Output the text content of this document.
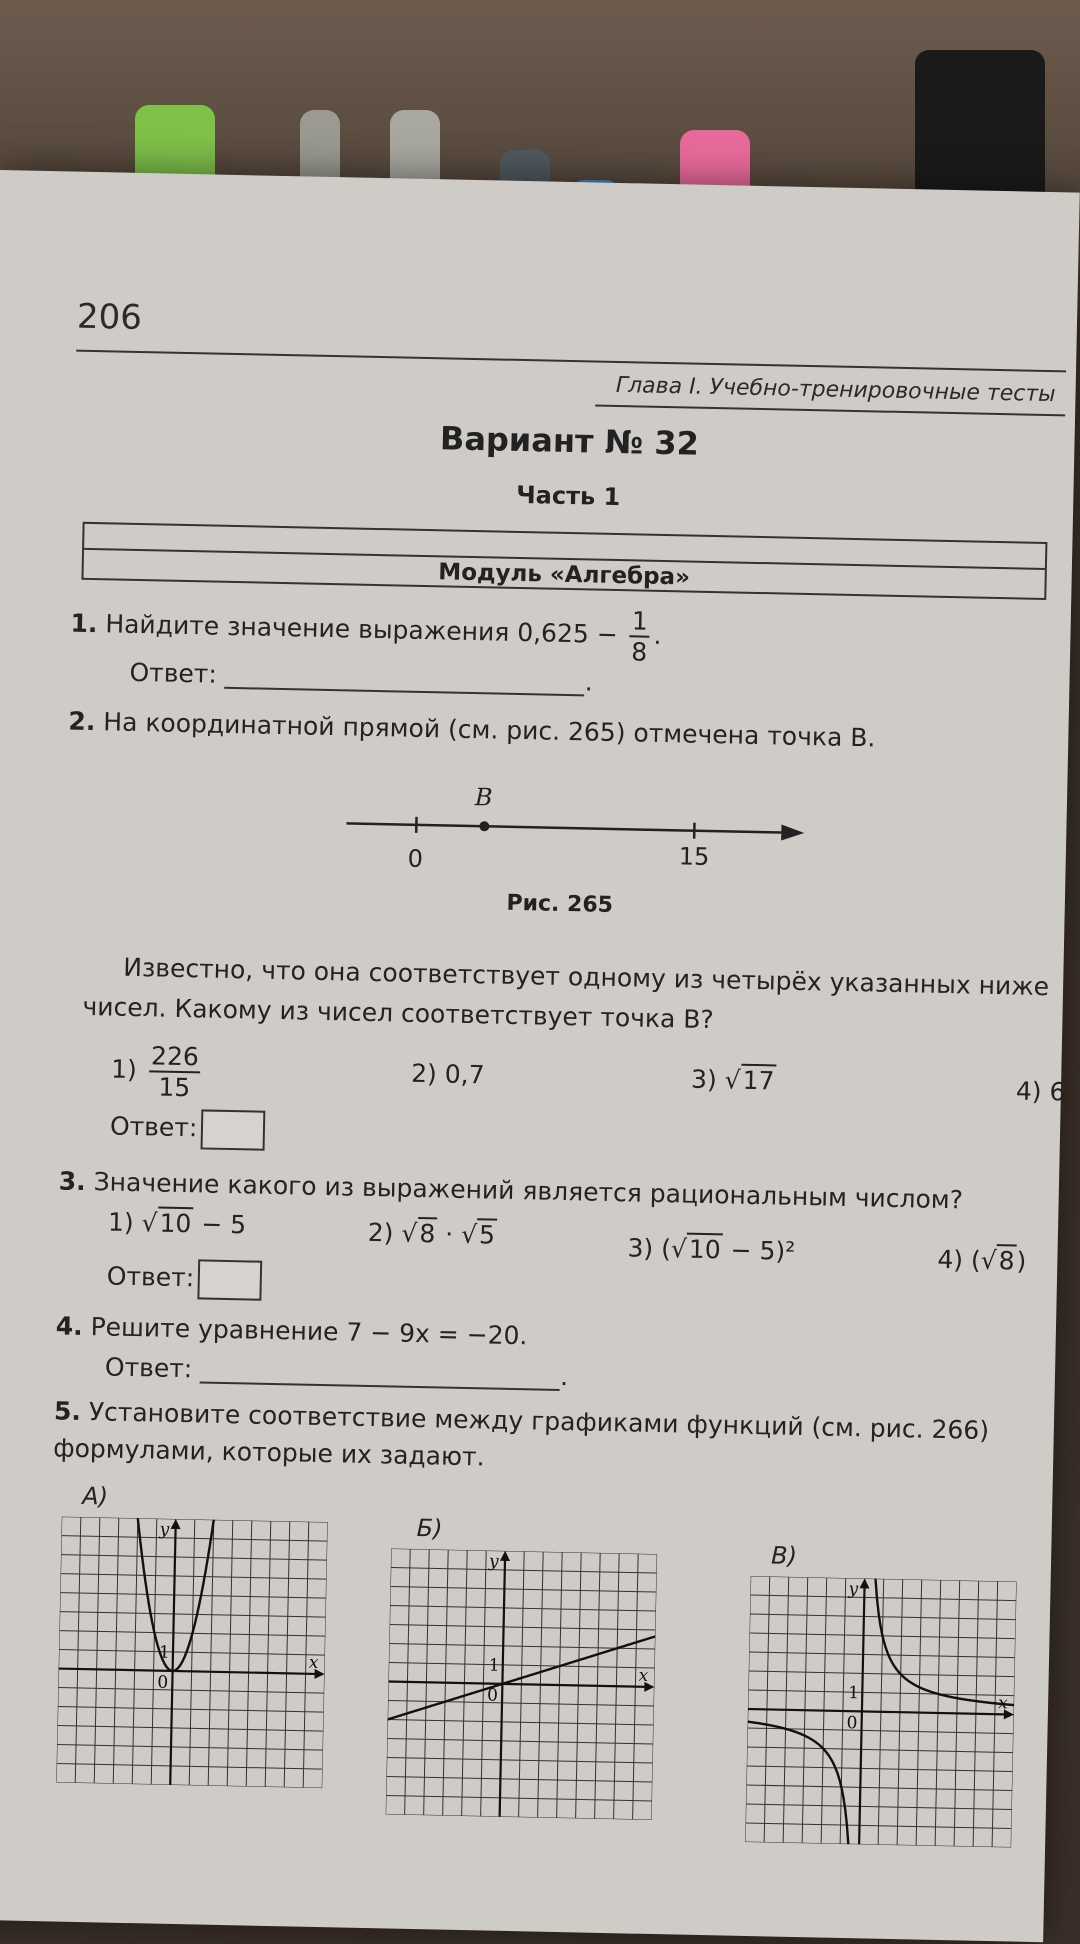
206
Глава I. Учебно-тренировочные тесты
Вариант № 32
Часть 1
Модуль «Алгебра»
1. Найдите значение выражения $0,625 - \frac{1}{8}$ .
Ответ:	.
2. На координатной прямой (см. рис. 265) отмечена точка B.
B
0	15
Рис. 265
Известно, что она соответствует одному из четырёх указанных ниже
чисел. Какому из чисел соответствует точка B?
$1) \frac{226}{15}$	2) 0,7	3) √17	4) 6
Ответ:
3. Значение какого из выражений является рациональным числом?
1) √10 − 5	2) √8 · √5	3) (√10 − 5)²	4) (√8)
Ответ:
4. Решите уравнение 7 − 9x = −20.
Ответ:	.
5. Установите соответствие между графиками функций (см. рис. 266)
формулами, которые их задают.
A)
y
x
1
0
Б)
y
x
1
0
В)
y
x
1
0
